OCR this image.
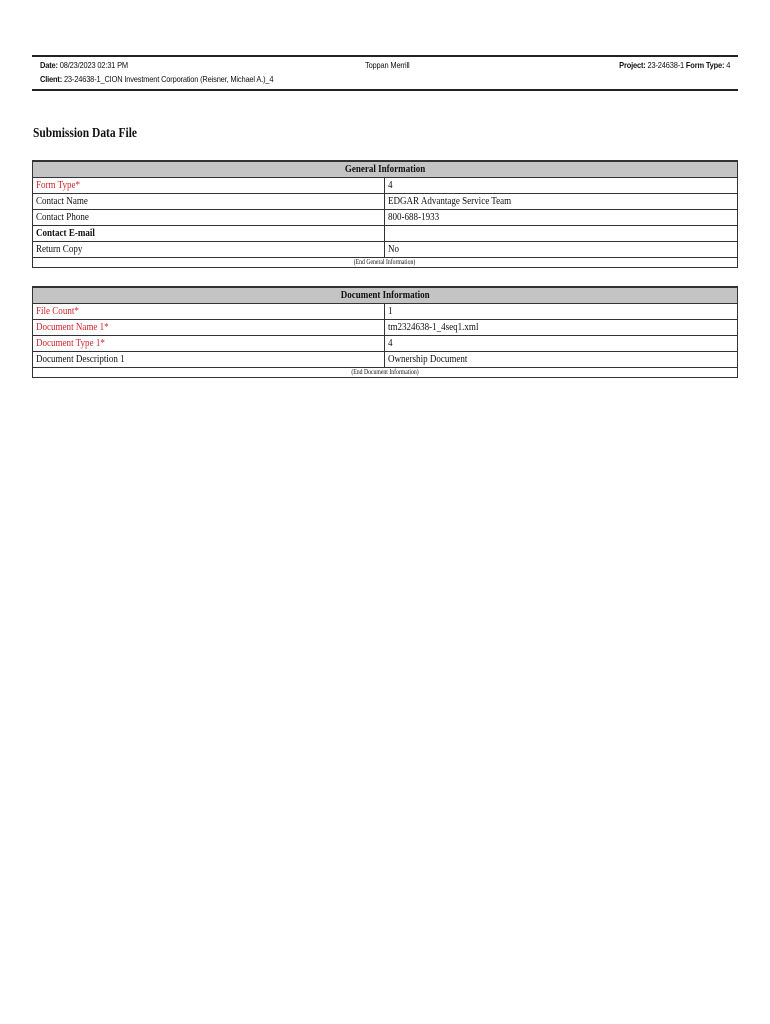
Date: 08/23/2023 02:31 PM	Toppan Merrill	Project: 23-24638-1 Form Type: 4
Client: 23-24638-1_CION Investment Corporation (Reisner, Michael A.)_4
Submission Data File
General Information	
Form Type*	4
Contact Name	EDGAR Advantage Service Team
Contact Phone	800-688-1933
Contact E-mail	
Return Copy	No
(End General Information)	
Document Information	
File Count*	1
Document Name 1*	tm2324638-1_4seq1.xml
Document Type 1*	4
Document Description 1	Ownership Document
(End Document Information)	
